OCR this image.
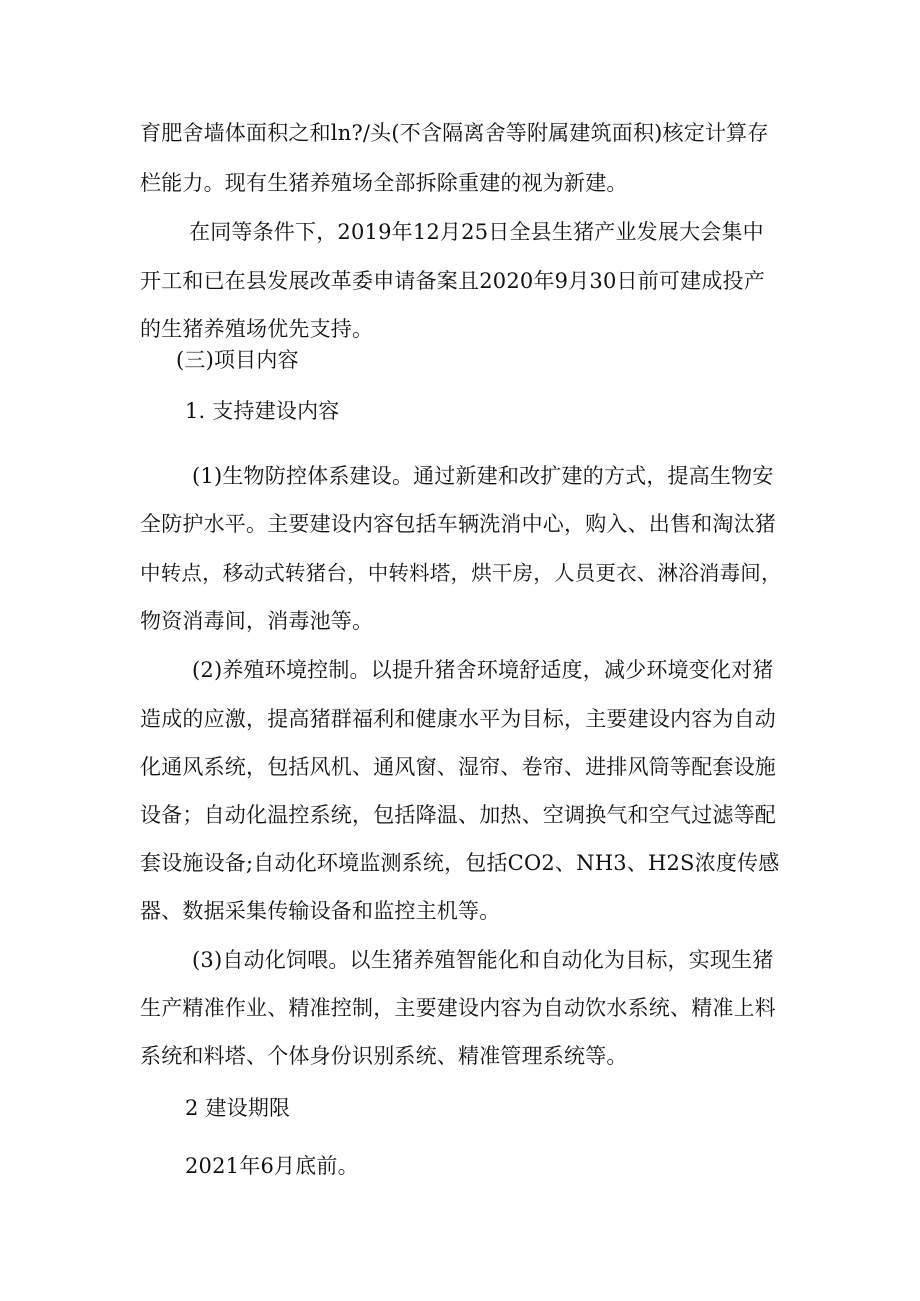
育肥舍墙体面积之和ln?/头(不含隔离舍等附属建筑面积)核定计算存
栏能力。现有生猪养殖场全部拆除重建的视为新建。
在同等条件下，2019年12月25日全县生猪产业发展大会集中
开工和已在县发展改革委申请备案且2020年9月30日前可建成投产
的生猪养殖场优先支持。
(三)项目内容
1. 支持建设内容
(1)生物防控体系建设。通过新建和改扩建的方式，提高生物安
全防护水平。主要建设内容包括车辆洗消中心，购入、出售和淘汰猪
中转点，移动式转猪台，中转料塔，烘干房，人员更衣、淋浴消毒间，
物资消毒间，消毒池等。
(2)养殖环境控制。以提升猪舍环境舒适度，减少环境变化对猪
造成的应激，提高猪群福利和健康水平为目标，主要建设内容为自动
化通风系统，包括风机、通风窗、湿帘、卷帘、进排风筒等配套设施
设备；自动化温控系统，包括降温、加热、空调换气和空气过滤等配
套设施设备;自动化环境监测系统，包括CO2、NH3、H2S浓度传感
器、数据采集传输设备和监控主机等。
(3)自动化饲喂。以生猪养殖智能化和自动化为目标，实现生猪
生产精准作业、精准控制，主要建设内容为自动饮水系统、精准上料
系统和料塔、个体身份识别系统、精准管理系统等。
2 建设期限
2021年6月底前。
